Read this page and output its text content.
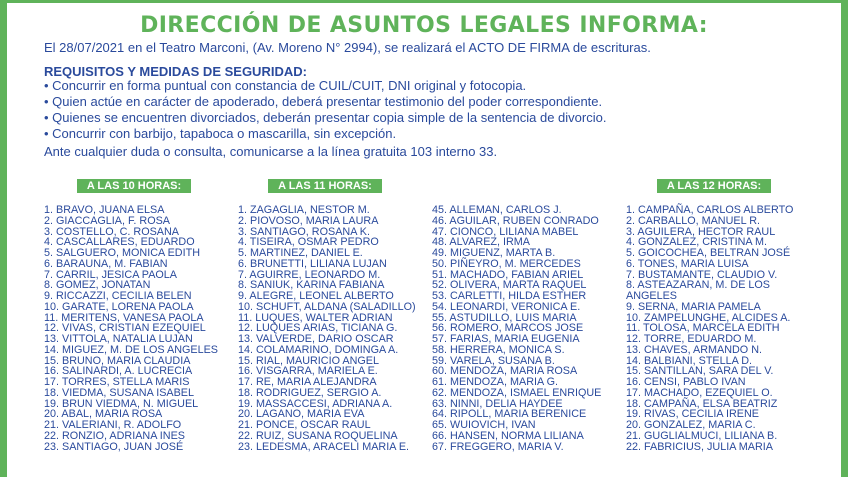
DIRECCIÓN DE ASUNTOS LEGALES INFORMA:
El 28/07/2021 en el Teatro Marconi, (Av. Moreno N° 2994), se realizará el ACTO DE FIRMA de escrituras.
REQUISITOS Y MEDIDAS DE SEGURIDAD:
• Concurrir en forma puntual con constancia de CUIL/CUIT, DNI original y fotocopia.
• Quien actúe en carácter de apoderado, deberá presentar testimonio del poder correspondiente.
• Quienes se encuentren divorciados, deberán presentar copia simple de la sentencia de divorcio.
• Concurrir con barbijo, tapaboca o mascarilla, sin excepción.
Ante cualquier duda o consulta, comunicarse a la línea gratuita 103 interno 33.
A LAS 10 HORAS:	A LAS 11 HORAS:	A LAS 12 HORAS:
1. BRAVO, JUANA ELSA
2. GIACCAGLIA, F. ROSA
3. COSTELLO, C. ROSANA
4. CASCALLARES, EDUARDO
5. SALGUERO, MONICA EDITH
6. BARAUNA, M. FABIAN
7. CARRIL, JESICA PAOLA
8. GOMEZ, JONATAN
9. RICCAZZI, CECILIA BELEN
10. GARATE, LORENA PAOLA
11. MERITENS, VANESA PAOLA
12. VIVAS, CRISTIAN EZEQUIEL
13. VITTOLA, NATALIA LUJAN
14. MIGUEZ, M. DE LOS ANGELES
15. BRUNO, MARIA CLAUDIA
16. SALINARDI, A. LUCRECIA
17. TORRES, STELLA MARIS
18. VIEDMA, SUSANA ISABEL
19. BRUN VIEDMA, N. MIGUEL
20. ABAL, MARIA ROSA
21. VALERIANI, R. ADOLFO
22. RONZIO, ADRIANA INES
23. SANTIAGO, JUAN JOSÉ
1. ZAGAGLIA, NESTOR M.
2. PIOVOSO, MARIA LAURA
3. SANTIAGO, ROSANA K.
4. TISEIRA, OSMAR PEDRO
5. MARTINEZ, DANIEL E.
6. BRUNETTI, LILIANA LUJAN
7. AGUIRRE, LEONARDO M.
8. SANIUK, KARINA FABIANA
9. ALEGRE, LEONEL ALBERTO
10. SCHUFT, ALDANA (SALADILLO)
11. LUQUES, WALTER ADRIAN
12. LUQUES ARIAS, TICIANA G.
13. VALVERDE, DARIO OSCAR
14. COLAMARINO, DOMINGA A.
15. RIAL, MAURICIO ANGEL
16. VISGARRA, MARIELA E.
17. RE, MARIA ALEJANDRA
18. RODRIGUEZ, SERGIO A.
19. MASSACCESI, ADRIANA A.
20. LAGANO, MARIA EVA
21. PONCE, OSCAR RAUL
22. RUIZ, SUSANA ROQUELINA
23. LEDESMA, ARACELI MARIA E.
45. ALLEMAN, CARLOS J.
46. AGUILAR, RUBEN CONRADO
47. CIONCO, LILIANA MABEL
48. ALVAREZ, IRMA
49. MIGUENZ, MARTA B.
50. PIÑEYRO, M. MERCEDES
51. MACHADO, FABIAN ARIEL
52. OLIVERA, MARTA RAQUEL
53. CARLETTI, HILDA ESTHER
54. LEONARDI, VERONICA E.
55. ASTUDILLO, LUIS MARIA
56. ROMERO, MARCOS JOSE
57. FARIAS, MARIA EUGENIA
58. HERRERA, MONICA S.
59. VARELA, SUSANA B.
60. MENDOZA, MARIA ROSA
61. MENDOZA, MARIA G.
62. MENDOZA, ISMAEL ENRIQUE
63. NINNI, DELIA HAYDEE
64. RIPOLL, MARIA BERENICE
65. WUIOVICH, IVAN
66. HANSEN, NORMA LILIANA
67. FREGGERO, MARIA V.
1. CAMPAÑA, CARLOS ALBERTO
2. CARBALLO, MANUEL R.
3. AGUILERA, HECTOR RAUL
4. GONZALEZ, CRISTINA M.
5. GOICOCHEA, BELTRAN JOSÉ
6. TONES, MARIA LUISA
7. BUSTAMANTE, CLAUDIO V.
8. ASTEAZARAN, M. DE LOS
ANGELES
9. SERNA, MARIA PAMELA
10. ZAMPELUNGHE, ALCIDES A.
11. TOLOSA, MARCELA EDITH
12. TORRE, EDUARDO M.
13. CHAVES, ARMANDO N.
14. BALBIANI, STELLA D.
15. SANTILLAN, SARA DEL V.
16. CENSI, PABLO IVAN
17. MACHADO, EZEQUIEL O.
18. CAMPAÑA, ELSA BEATRIZ
19. RIVAS, CECILIA IRENE
20. GONZALEZ, MARIA C.
21. GUGLIALMUCI, LILIANA B.
22. FABRICIUS, JULIA MARIA
